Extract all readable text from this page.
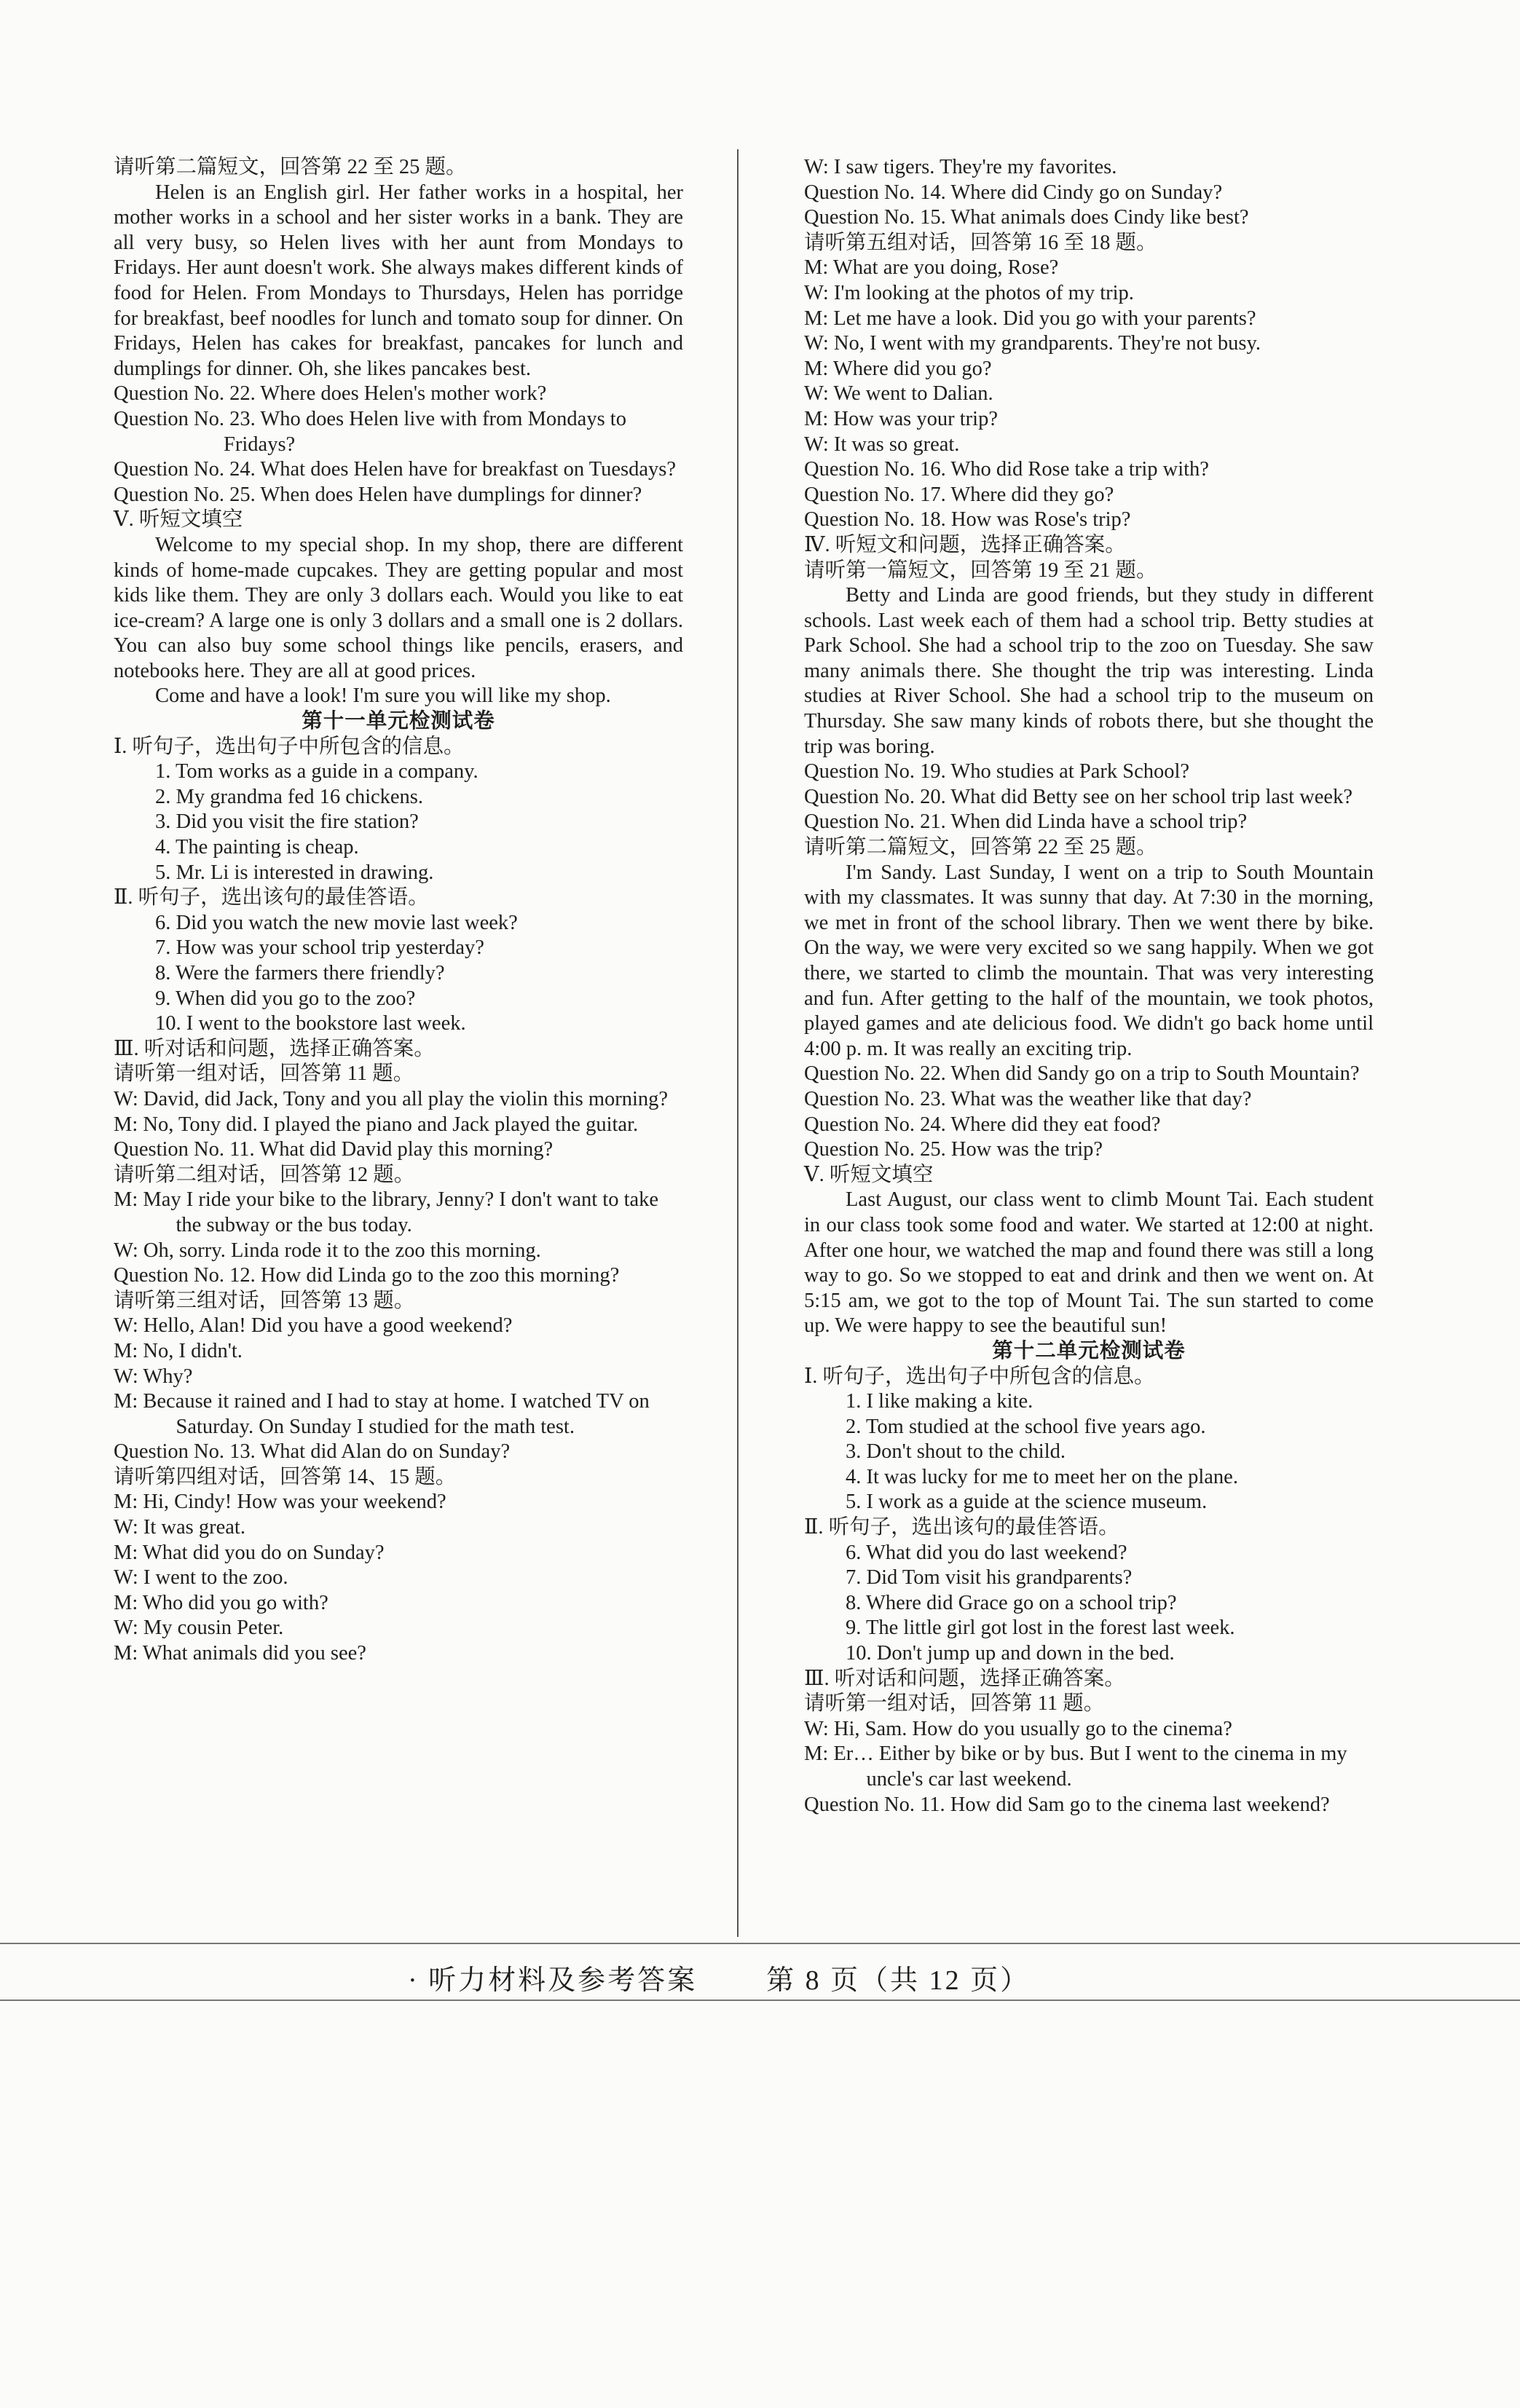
请听第二篇短文，回答第 22 至 25 题。
Helen is an English girl. Her father works in a hospital, her mother works in a school and her sister works in a bank. They are all very busy, so Helen lives with her aunt from Mondays to Fridays. Her aunt doesn't work. She always makes different kinds of food for Helen. From Mondays to Thursdays, Helen has porridge for breakfast, beef noodles for lunch and tomato soup for dinner. On Fridays, Helen has cakes for breakfast, pancakes for lunch and dumplings for dinner. Oh, she likes pancakes best.
Question No. 22. Where does Helen's mother work?
Question No. 23. Who does Helen live with from Mondays to Fridays?
Question No. 24. What does Helen have for breakfast on Tuesdays?
Question No. 25. When does Helen have dumplings for dinner?
Ⅴ. 听短文填空
Welcome to my special shop. In my shop, there are different kinds of home-made cupcakes. They are getting popular and most kids like them. They are only 3 dollars each. Would you like to eat ice-cream? A large one is only 3 dollars and a small one is 2 dollars. You can also buy some school things like pencils, erasers, and notebooks here. They are all at good prices.
Come and have a look! I'm sure you will like my shop.
第十一单元检测试卷
Ⅰ. 听句子，选出句子中所包含的信息。
1. Tom works as a guide in a company.
2. My grandma fed 16 chickens.
3. Did you visit the fire station?
4. The painting is cheap.
5. Mr. Li is interested in drawing.
Ⅱ. 听句子，选出该句的最佳答语。
6. Did you watch the new movie last week?
7. How was your school trip yesterday?
8. Were the farmers there friendly?
9. When did you go to the zoo?
10. I went to the bookstore last week.
Ⅲ. 听对话和问题，选择正确答案。
请听第一组对话，回答第 11 题。
W: David, did Jack, Tony and you all play the violin this morning?
M: No, Tony did. I played the piano and Jack played the guitar.
Question No. 11. What did David play this morning?
请听第二组对话，回答第 12 题。
M: May I ride your bike to the library, Jenny? I don't want to take the subway or the bus today.
W: Oh, sorry. Linda rode it to the zoo this morning.
Question No. 12. How did Linda go to the zoo this morning?
请听第三组对话，回答第 13 题。
W: Hello, Alan! Did you have a good weekend?
M: No, I didn't.
W: Why?
M: Because it rained and I had to stay at home. I watched TV on Saturday. On Sunday I studied for the math test.
Question No. 13. What did Alan do on Sunday?
请听第四组对话，回答第 14、15 题。
M: Hi, Cindy! How was your weekend?
W: It was great.
M: What did you do on Sunday?
W: I went to the zoo.
M: Who did you go with?
W: My cousin Peter.
M: What animals did you see?
W: I saw tigers. They're my favorites.
Question No. 14. Where did Cindy go on Sunday?
Question No. 15. What animals does Cindy like best?
请听第五组对话，回答第 16 至 18 题。
M: What are you doing, Rose?
W: I'm looking at the photos of my trip.
M: Let me have a look. Did you go with your parents?
W: No, I went with my grandparents. They're not busy.
M: Where did you go?
W: We went to Dalian.
M: How was your trip?
W: It was so great.
Question No. 16. Who did Rose take a trip with?
Question No. 17. Where did they go?
Question No. 18. How was Rose's trip?
Ⅳ. 听短文和问题，选择正确答案。
请听第一篇短文，回答第 19 至 21 题。
Betty and Linda are good friends, but they study in different schools. Last week each of them had a school trip. Betty studies at Park School. She had a school trip to the zoo on Tuesday. She saw many animals there. She thought the trip was interesting. Linda studies at River School. She had a school trip to the museum on Thursday. She saw many kinds of robots there, but she thought the trip was boring.
Question No. 19. Who studies at Park School?
Question No. 20. What did Betty see on her school trip last week?
Question No. 21. When did Linda have a school trip?
请听第二篇短文，回答第 22 至 25 题。
I'm Sandy. Last Sunday, I went on a trip to South Mountain with my classmates. It was sunny that day. At 7:30 in the morning, we met in front of the school library. Then we went there by bike. On the way, we were very excited so we sang happily. When we got there, we started to climb the mountain. That was very interesting and fun. After getting to the half of the mountain, we took photos, played games and ate delicious food. We didn't go back home until 4:00 p. m. It was really an exciting trip.
Question No. 22. When did Sandy go on a trip to South Mountain?
Question No. 23. What was the weather like that day?
Question No. 24. Where did they eat food?
Question No. 25. How was the trip?
Ⅴ. 听短文填空
Last August, our class went to climb Mount Tai. Each student in our class took some food and water. We started at 12:00 at night. After one hour, we watched the map and found there was still a long way to go. So we stopped to eat and drink and then we went on. At 5:15 am, we got to the top of Mount Tai. The sun started to come up. We were happy to see the beautiful sun!
第十二单元检测试卷
Ⅰ. 听句子，选出句子中所包含的信息。
1. I like making a kite.
2. Tom studied at the school five years ago.
3. Don't shout to the child.
4. It was lucky for me to meet her on the plane.
5. I work as a guide at the science museum.
Ⅱ. 听句子，选出该句的最佳答语。
6. What did you do last weekend?
7. Did Tom visit his grandparents?
8. Where did Grace go on a school trip?
9. The little girl got lost in the forest last week.
10. Don't jump up and down in the bed.
Ⅲ. 听对话和问题，选择正确答案。
请听第一组对话，回答第 11 题。
W: Hi, Sam. How do you usually go to the cinema?
M: Er… Either by bike or by bus. But I went to the cinema in my uncle's car last weekend.
Question No. 11. How did Sam go to the cinema last weekend?
· 听力材料及参考答案	第 8 页（共 12 页）
